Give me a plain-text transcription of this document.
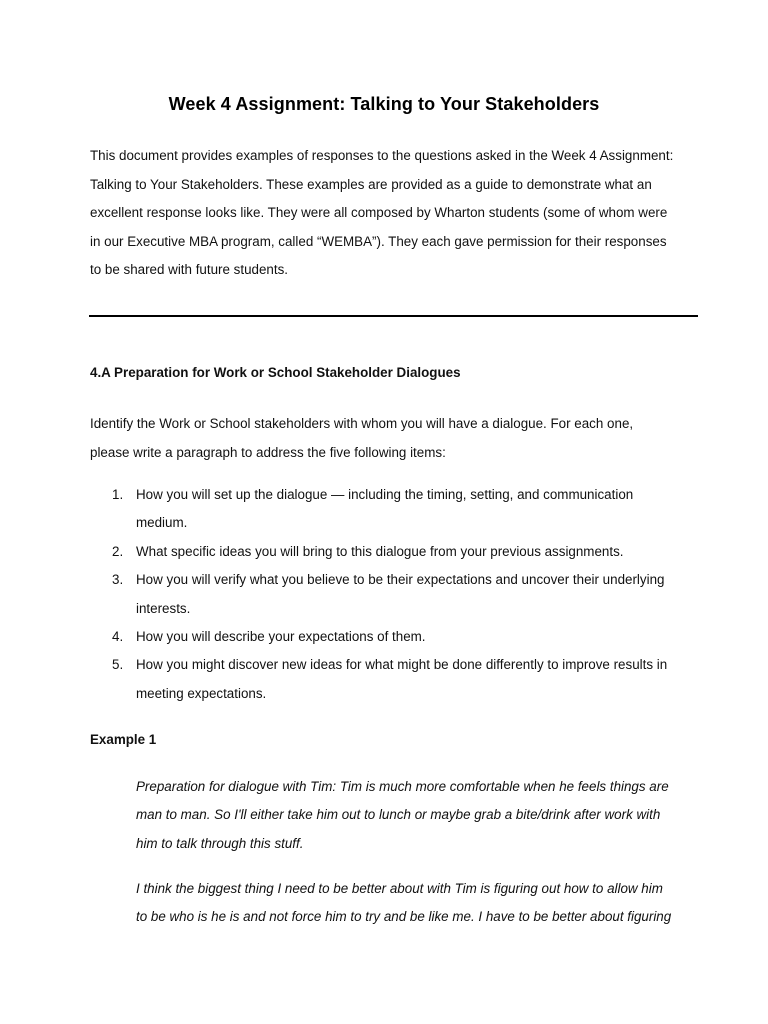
Week 4 Assignment: Talking to Your Stakeholders
This document provides examples of responses to the questions asked in the Week 4 Assignment:
Talking to Your Stakeholders. These examples are provided as a guide to demonstrate what an
excellent response looks like. They were all composed by Wharton students (some of whom were
in our Executive MBA program, called “WEMBA”). They each gave permission for their responses
to be shared with future students.
4.A Preparation for Work or School Stakeholder Dialogues
Identify the Work or School stakeholders with whom you will have a dialogue. For each one,
please write a paragraph to address the five following items:
1. How you will set up the dialogue — including the timing, setting, and communication
medium.
2. What specific ideas you will bring to this dialogue from your previous assignments.
3. How you will verify what you believe to be their expectations and uncover their underlying
interests.
4. How you will describe your expectations of them.
5. How you might discover new ideas for what might be done differently to improve results in
meeting expectations.
Example 1
Preparation for dialogue with Tim: Tim is much more comfortable when he feels things are
man to man. So I'll either take him out to lunch or maybe grab a bite/drink after work with
him to talk through this stuff.
I think the biggest thing I need to be better about with Tim is figuring out how to allow him
to be who is he is and not force him to try and be like me. I have to be better about figuring
